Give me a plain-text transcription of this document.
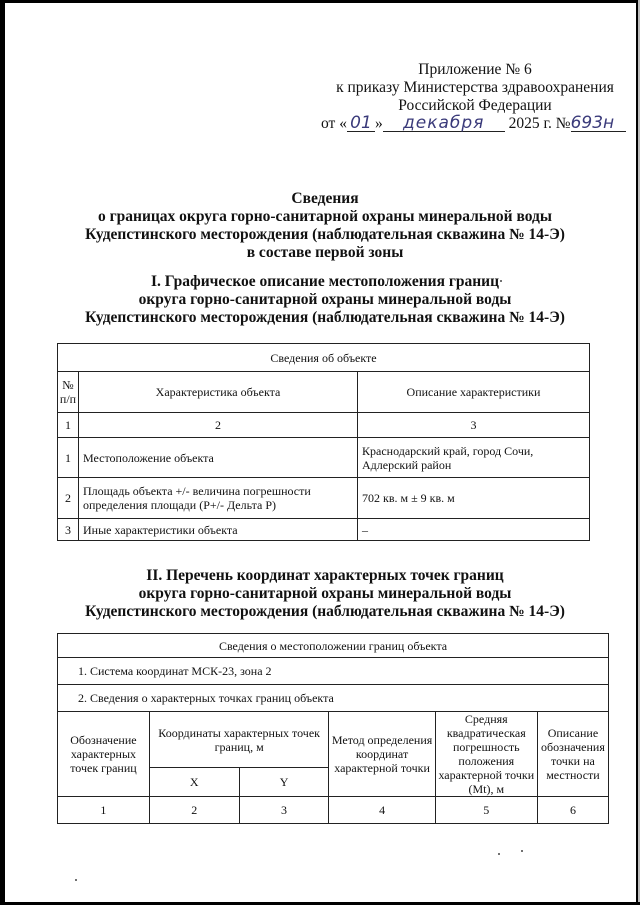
Приложение № 6
к приказу Министерства здравоохранения
Российской Федерации
от « 01 » декабря 2025 г. №693н
Сведения
о границах округа горно-санитарной охраны минеральной воды
Кудепстинского месторождения (наблюдательная скважина № 14-Э)
в составе первой зоны
I. Графическое описание местоположения границ
округа горно-санитарной охраны минеральной воды
Кудепстинского месторождения (наблюдательная скважина № 14-Э)
Сведения об объекте		
№ п/п	Характеристика объекта	Описание характеристики
1	2	3
1	Местоположение объекта	Краснодарский край, город Сочи, Адлерский район
2	Площадь объекта +/- величина погрешности определения площади (P+/- Дельта P)	702 кв. м ± 9 кв. м
3	Иные характеристики объекта	–
II. Перечень координат характерных точек границ
округа горно-санитарной охраны минеральной воды
Кудепстинского месторождения (наблюдательная скважина № 14-Э)
Сведения о местоположении границ объекта					
1. Система координат МСК-23, зона 2					
2. Сведения о характерных точках границ объекта					
Обозначение характерных точек границ	Координаты характерных точек границ, м		Метод определения координат характерной точки	Средняя квадратическая погрешность положения характерной точки (Mt), м	Описание обозначения точки на местности
	X	Y			
1	2	3	4	5	6
